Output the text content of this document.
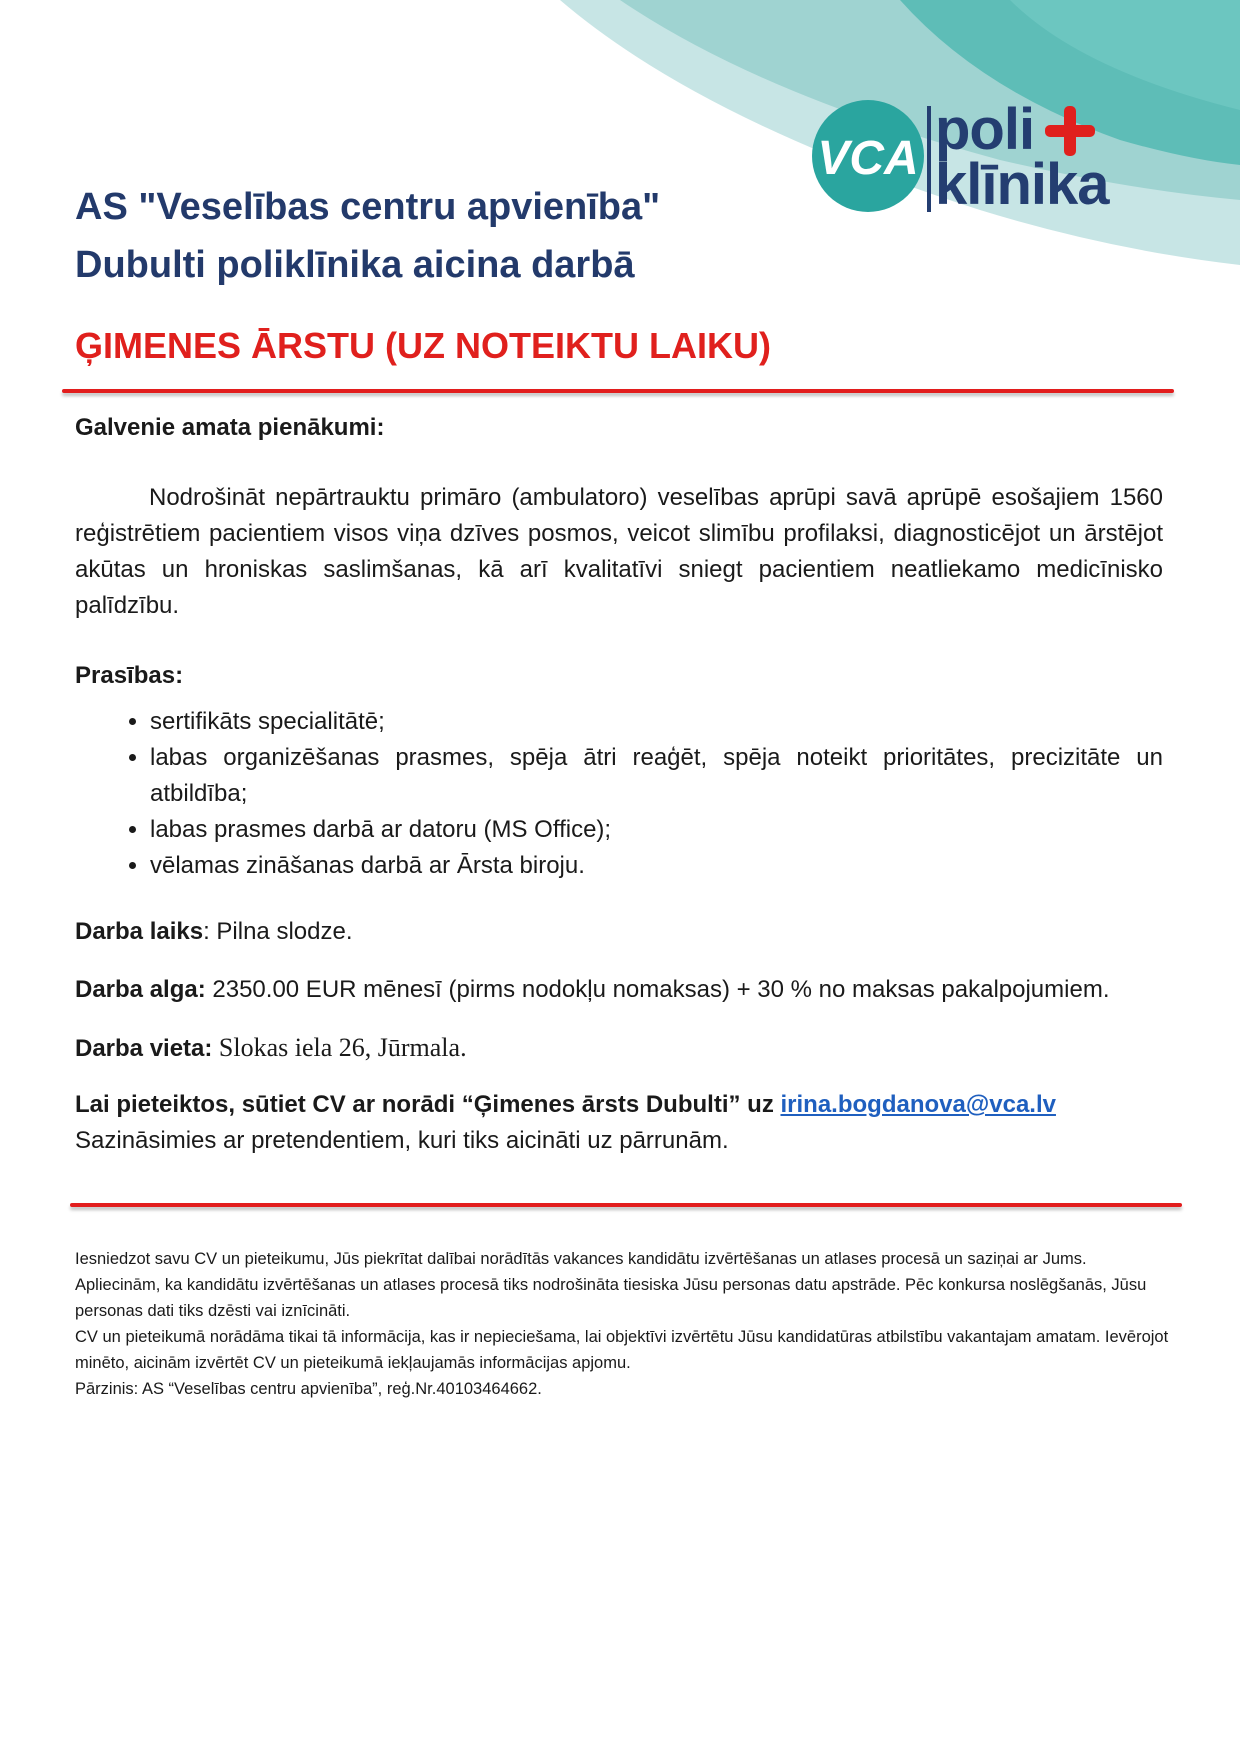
VCA poli
klīnika
AS "Veselības centru apvienība"
Dubulti poliklīnika aicina darbā
ĢIMENES ĀRSTU (UZ NOTEIKTU LAIKU)

Galvenie amata pienākumi:

Nodrošināt nepārtrauktu primāro (ambulatoro) veselības aprūpi savā aprūpē esošajiem 1560 reģistrētiem pacientiem visos viņa dzīves posmos, veicot slimību profilaksi, diagnosticējot un ārstējot akūtas un hroniskas saslimšanas, kā arī kvalitatīvi sniegt pacientiem neatliekamo medicīnisko palīdzību.

Prasības:

• sertifikāts specialitātē;
• labas organizēšanas prasmes, spēja ātri reaģēt, spēja noteikt prioritātes, precizitāte un atbildība;
• labas prasmes darbā ar datoru (MS Office);
• vēlamas zināšanas darbā ar Ārsta biroju.

Darba laiks: Pilna slodze.

Darba alga: 2350.00 EUR mēnesī (pirms nodokļu nomaksas) + 30 % no maksas pakalpojumiem.

Darba vieta: Slokas iela 26, Jūrmala.

Lai pieteiktos, sūtiet CV ar norādi “Ģimenes ārsts Dubulti” uz irina.bogdanova@vca.lv
Sazināsimies ar pretendentiem, kuri tiks aicināti uz pārrunām.

Iesniedzot savu CV un pieteikumu, Jūs piekrītat dalībai norādītās vakances kandidātu izvērtēšanas un atlases procesā un saziņai ar Jums.

Apliecinām, ka kandidātu izvērtēšanas un atlases procesā tiks nodrošināta tiesiska Jūsu personas datu apstrāde. Pēc konkursa noslēgšanās, Jūsu personas dati tiks dzēsti vai iznīcināti.

CV un pieteikumā norādāma tikai tā informācija, kas ir nepieciešama, lai objektīvi izvērtētu Jūsu kandidatūras atbilstību vakantajam amatam. Ievērojot minēto, aicinām izvērtēt CV un pieteikumā iekļaujamās informācijas apjomu.

Pārzinis: AS “Veselības centru apvienība”, reģ.Nr.40103464662.
